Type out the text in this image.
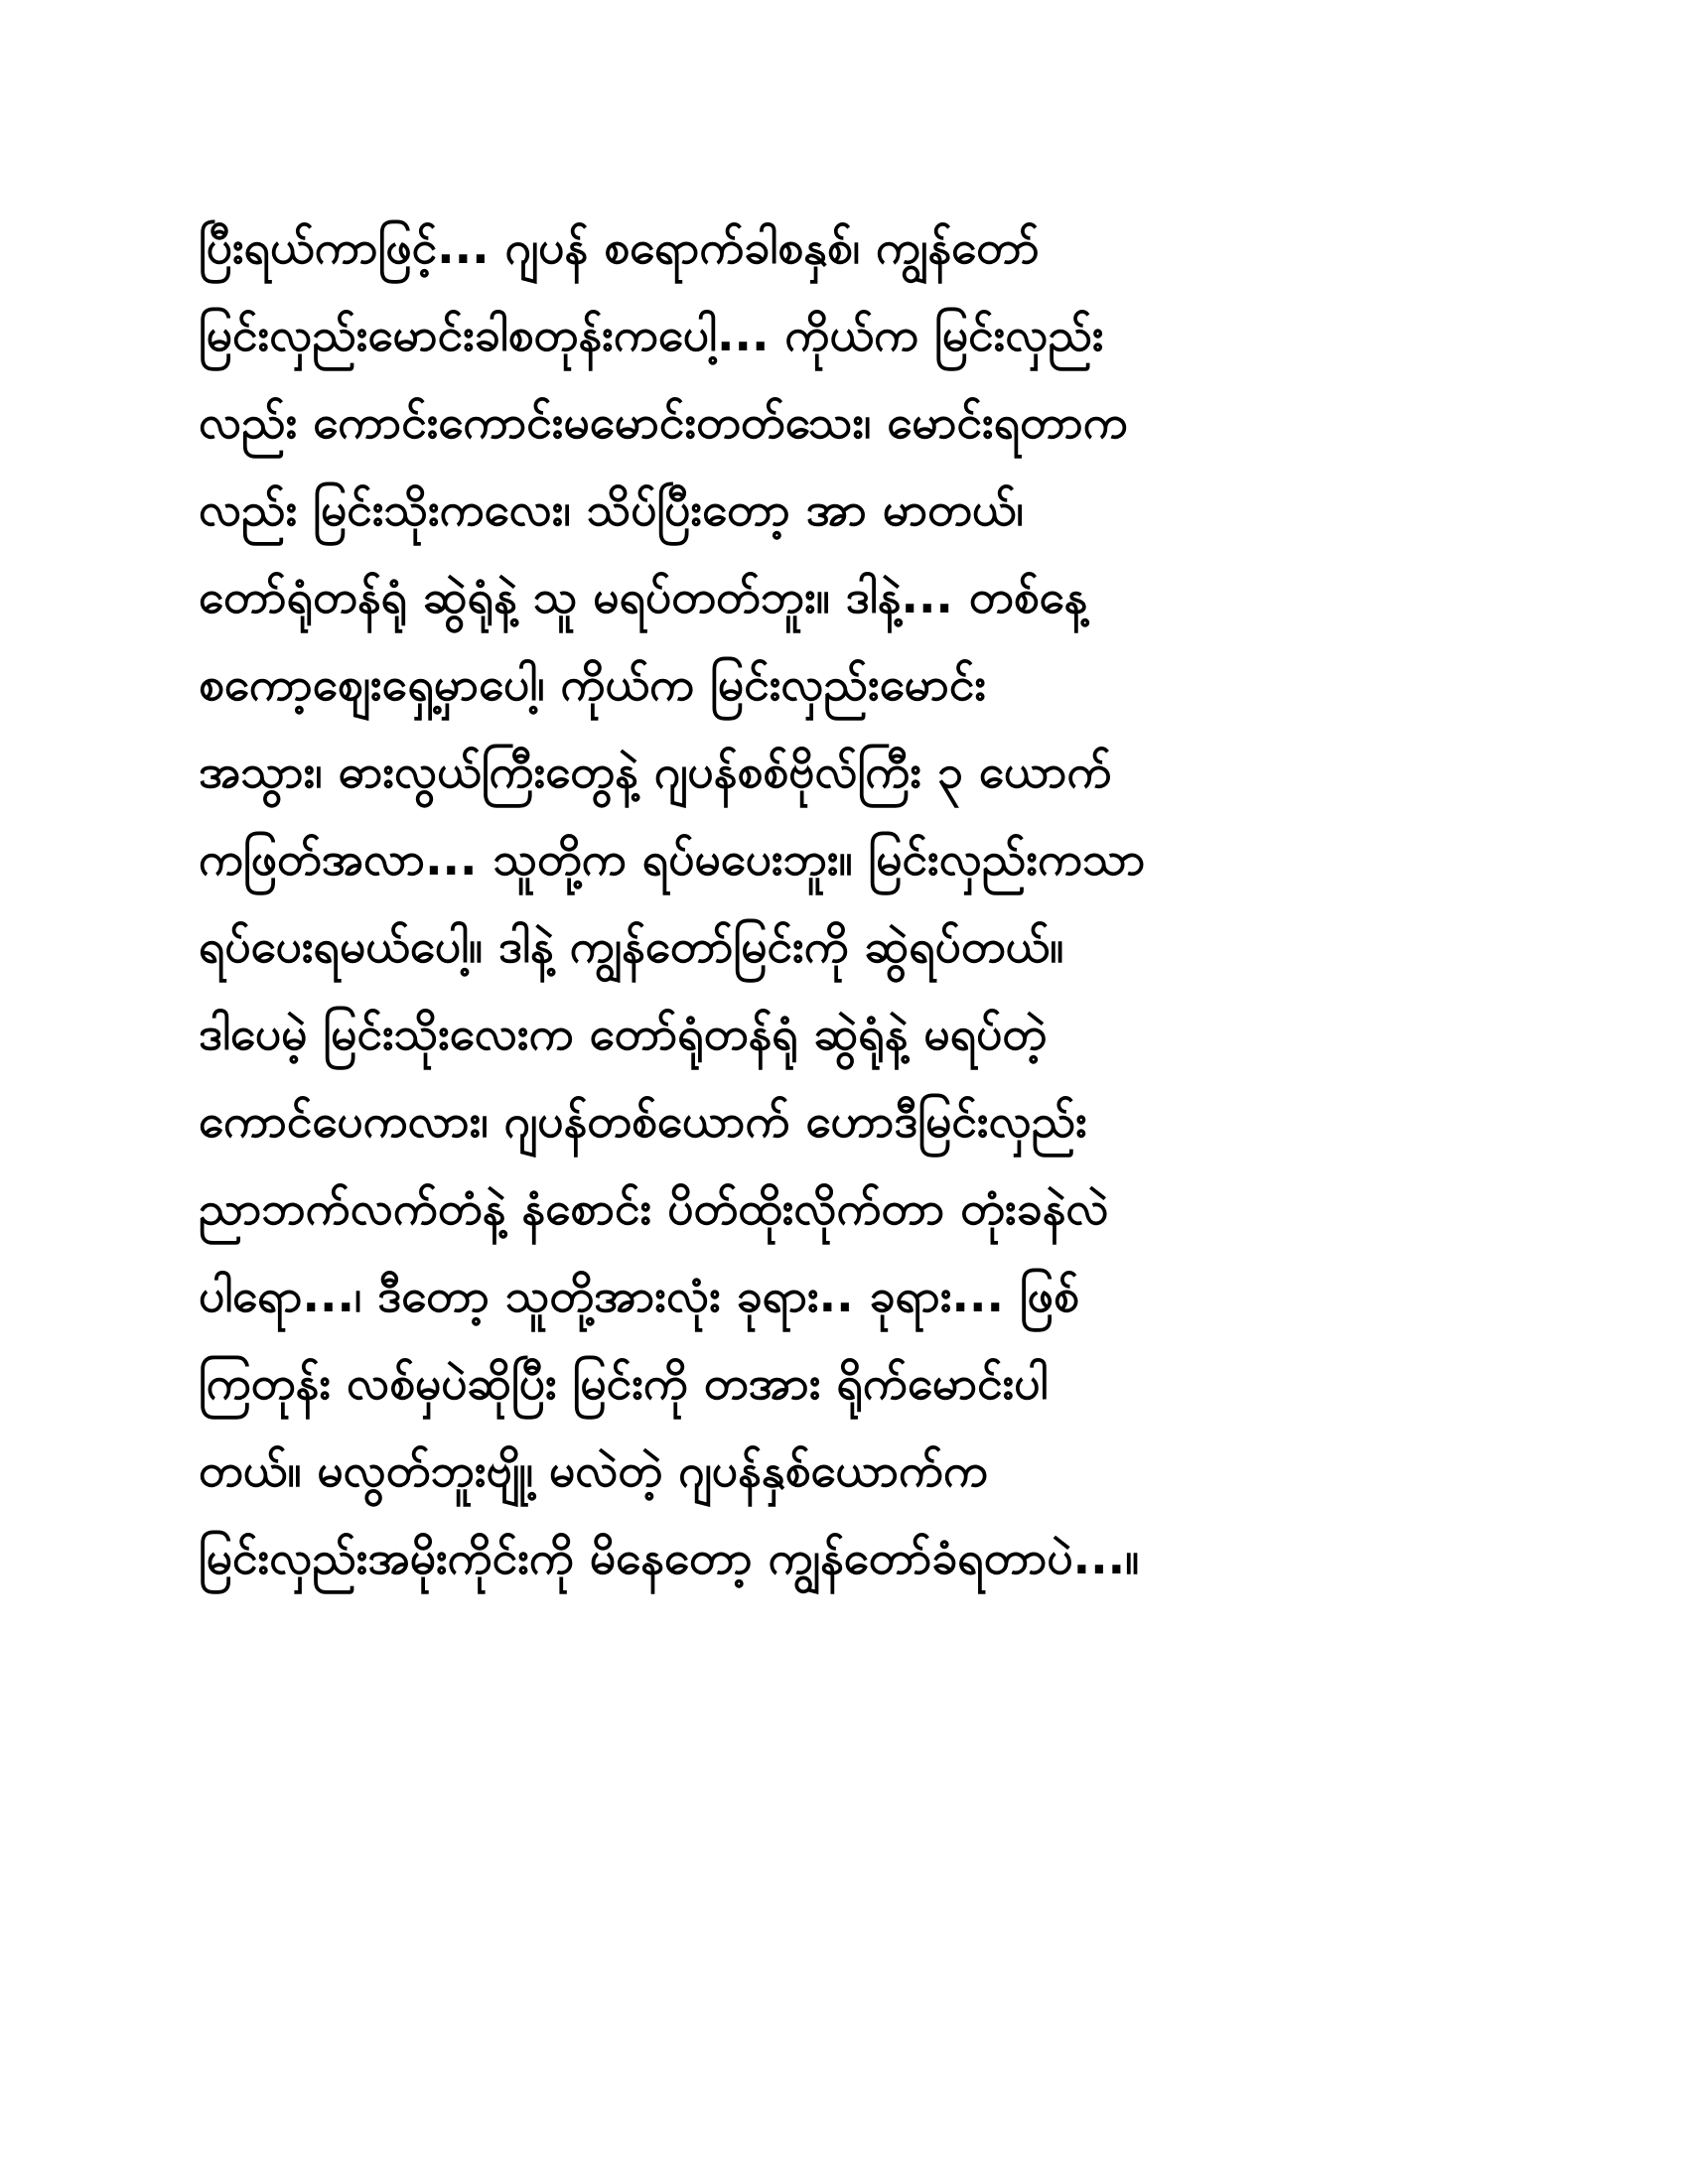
ပြီးရယ်ကာဖြင့်... ဂျပန် စရောက်ခါစနှစ်၊ ကျွန်တော်
မြင်းလှည်းမောင်းခါစတုန်းကပေါ့... ကိုယ်က မြင်းလှည်း
လည်း ကောင်းကောင်းမမောင်းတတ်သေး၊ မောင်းရတာက
လည်း မြင်းသိုးကလေး၊ သိပ်ပြီးတော့ အာ မာတယ်၊
တော်ရုံတန်ရုံ ဆွဲရုံနဲ့ သူ မရပ်တတ်ဘူး။ ဒါနဲ့... တစ်နေ့
စကော့စျေးရှေ့မှာပေါ့၊ ကိုယ်က မြင်းလှည်းမောင်း
အသွား၊ ဓားလွယ်ကြီးတွေနဲ့ ဂျပန်စစ်ဗိုလ်ကြီး ၃ ယောက်
ကဖြတ်အလာ... သူတို့က ရပ်မပေးဘူး။ မြင်းလှည်းကသာ
ရပ်ပေးရမယ်ပေါ့။ ဒါနဲ့ ကျွန်တော်မြင်းကို ဆွဲရပ်တယ်။
ဒါပေမဲ့ မြင်းသိုးလေးက တော်ရုံတန်ရုံ ဆွဲရုံနဲ့ မရပ်တဲ့
ကောင်ပေကလား၊ ဂျပန်တစ်ယောက် ဟောဒီမြင်းလှည်း
ညာဘက်လက်တံနဲ့ နံစောင်း ပိတ်ထိုးလိုက်တာ တုံးခနဲလဲ
ပါရော...၊ ဒီတော့ သူတို့အားလုံး ခုရား.. ခုရား... ဖြစ်
ကြတုန်း လစ်မှပဲဆိုပြီး မြင်းကို တအား ရိုက်မောင်းပါ
တယ်။ မလွတ်ဘူးဗျို့၊ မလဲတဲ့ ဂျပန်နှစ်ယောက်က
မြင်းလှည်းအမိုးကိုင်းကို မိနေတော့ ကျွန်တော်ခံရတာပဲ...။
